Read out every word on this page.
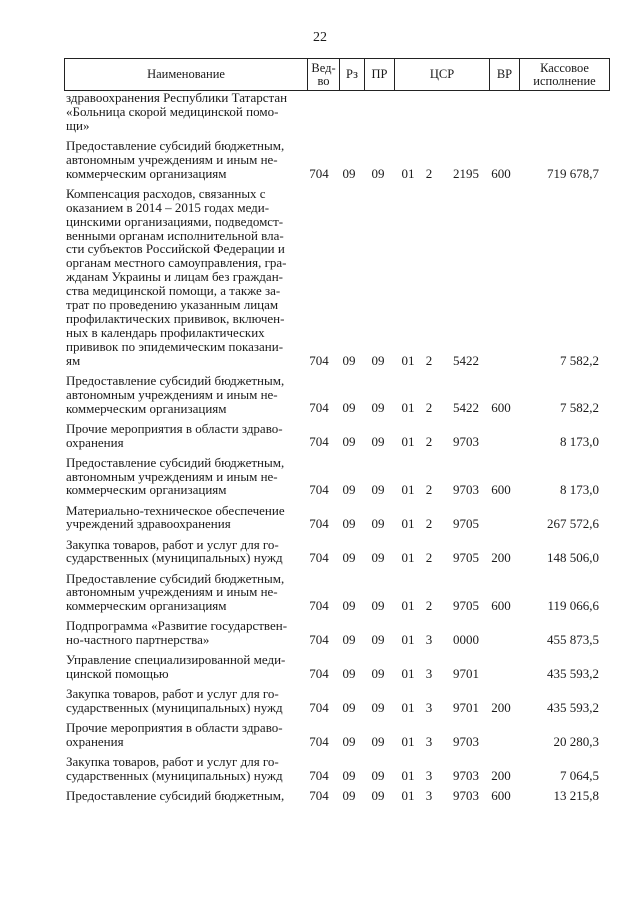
22
Наименование	Вед-во	Рз	ПР	ЦСР	ВР	Кассовое исполнение
здравоохранения Республики Татарстан
«Больница скорой медицинской помо-
щи»
Предоставление субсидий бюджетным,
автономным учреждениям и иным не-
коммерческим организациям	704	09	09	01 2	2195 600	719 678,7
Компенсация расходов, связанных с
оказанием в 2014 – 2015 годах меди-
цинскими организациями, подведомст-
венными органам исполнительной вла-
сти субъектов Российской Федерации и
органам местного самоуправления, гра-
жданам Украины и лицам без граждан-
ства медицинской помощи, а также за-
трат по проведению указанным лицам
профилактических прививок, включен-
ных в календарь профилактических
прививок по эпидемическим показани-
ям	704	09	09	01 2	5422	7 582,2
Предоставление субсидий бюджетным,
автономным учреждениям и иным не-
коммерческим организациям	704	09	09	01 2	5422 600	7 582,2
Прочие мероприятия в области здраво-
охранения	704	09	09	01 2	9703	8 173,0
Предоставление субсидий бюджетным,
автономным учреждениям и иным не-
коммерческим организациям	704	09	09	01 2	9703 600	8 173,0
Материально-техническое обеспечение
учреждений здравоохранения	704	09	09	01 2	9705	267 572,6
Закупка товаров, работ и услуг для го-
сударственных (муниципальных) нужд	704	09	09	01 2	9705 200	148 506,0
Предоставление субсидий бюджетным,
автономным учреждениям и иным не-
коммерческим организациям	704	09	09	01 2	9705 600	119 066,6
Подпрограмма «Развитие государствен-
но-частного партнерства»	704	09	09	01 3	0000	455 873,5
Управление специализированной меди-
цинской помощью	704	09	09	01 3	9701	435 593,2
Закупка товаров, работ и услуг для го-
сударственных (муниципальных) нужд	704	09	09	01 3	9701 200	435 593,2
Прочие мероприятия в области здраво-
охранения	704	09	09	01 3	9703	20 280,3
Закупка товаров, работ и услуг для го-
сударственных (муниципальных) нужд	704	09	09	01 3	9703 200	7 064,5
Предоставление субсидий бюджетным,	704	09	09	01 3	9703 600	13 215,8
